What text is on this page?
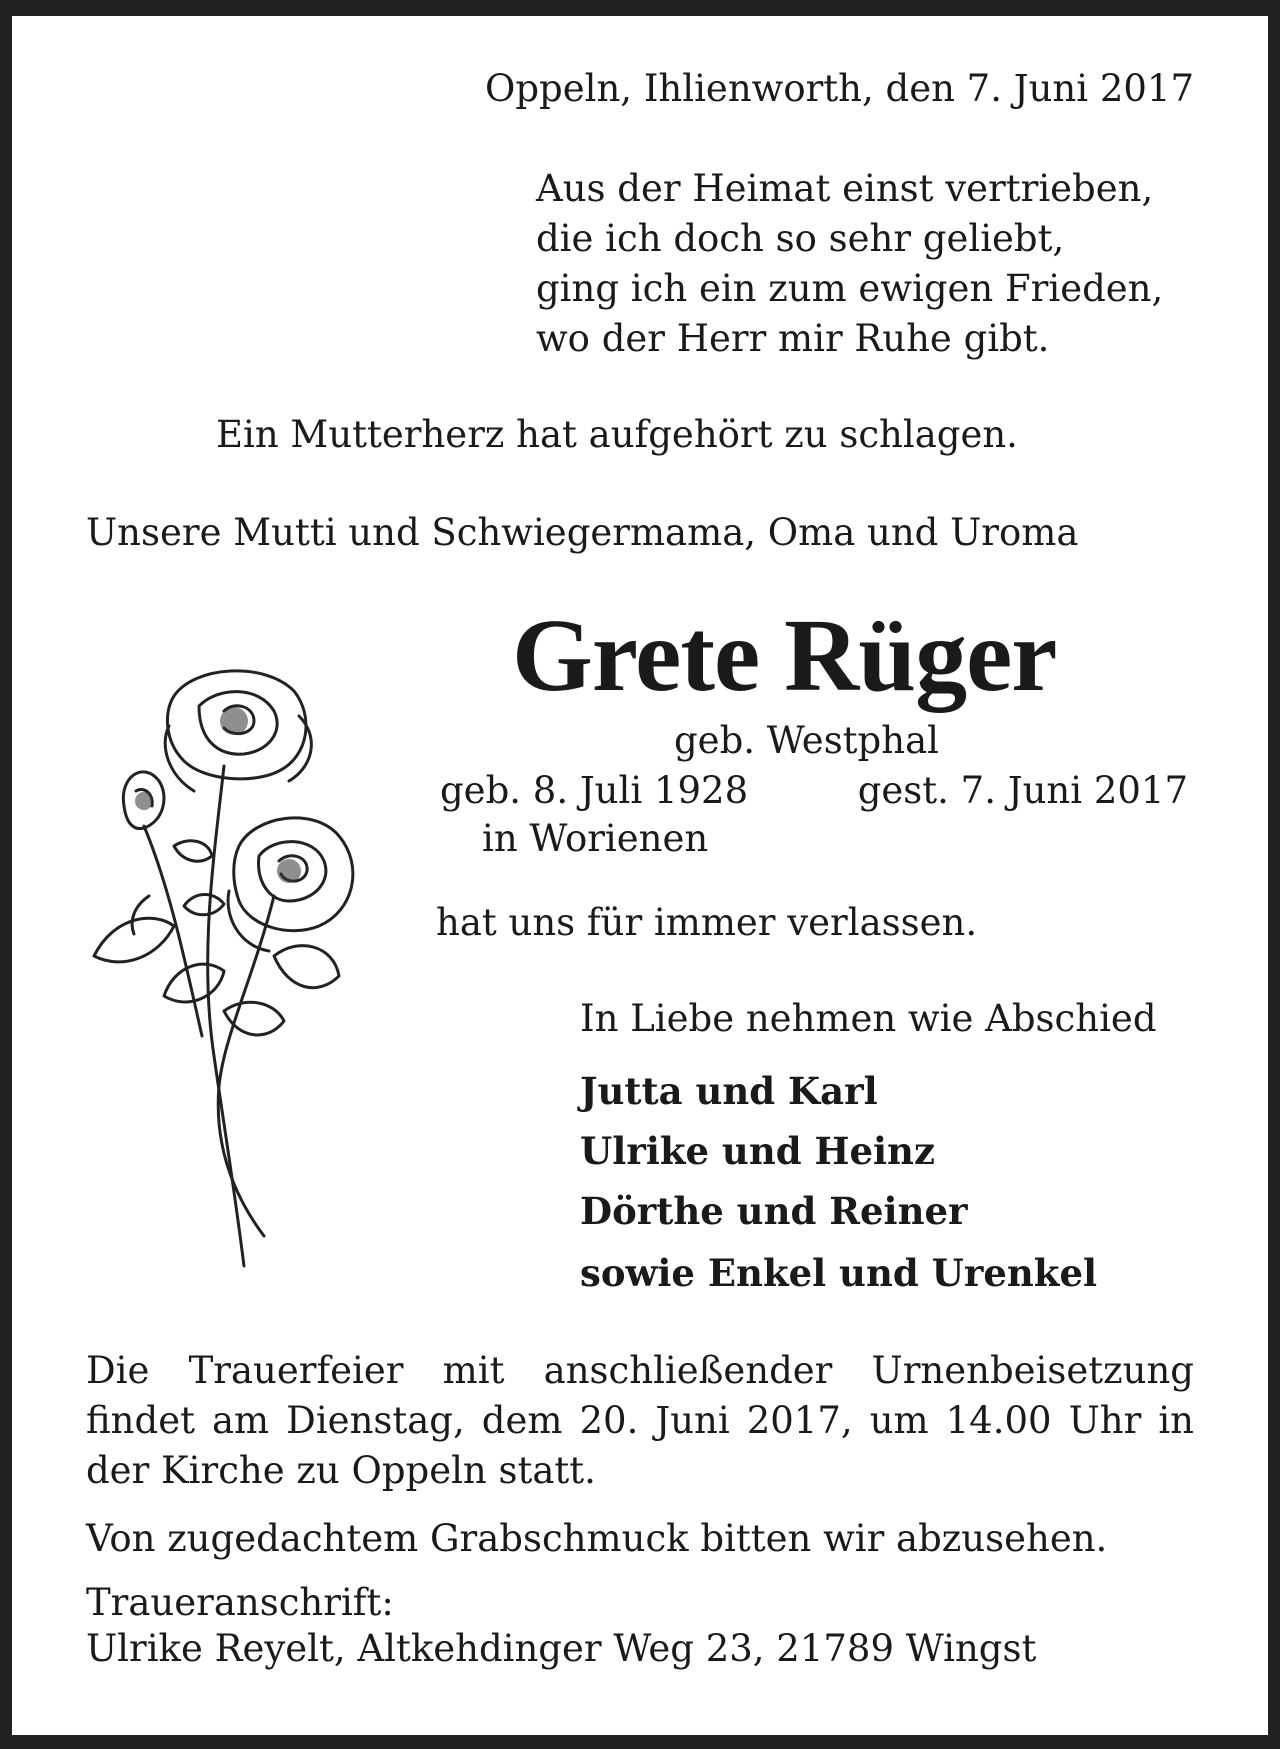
Oppeln, Ihlienworth, den 7. Juni 2017
Aus der Heimat einst vertrieben,
die ich doch so sehr geliebt,
ging ich ein zum ewigen Frieden,
wo der Herr mir Ruhe gibt.
Ein Mutterherz hat aufgehört zu schlagen.
Unsere Mutti und Schwiegermama, Oma und Uroma
Grete Rüger
geb. Westphal
geb. 8. Juli 1928	gest. 7. Juni 2017
in Worienen
hat uns für immer verlassen.
In Liebe nehmen wie Abschied
Jutta und Karl
Ulrike und Heinz
Dörthe und Reiner
sowie Enkel und Urenkel
Die Trauerfeier mit anschließender Urnenbeisetzung findet am Dienstag, dem 20. Juni 2017, um 14.00 Uhr in der Kirche zu Oppeln statt.
Von zugedachtem Grabschmuck bitten wir abzusehen.
Traueranschrift:
Ulrike Reyelt, Altkehdinger Weg 23, 21789 Wingst
